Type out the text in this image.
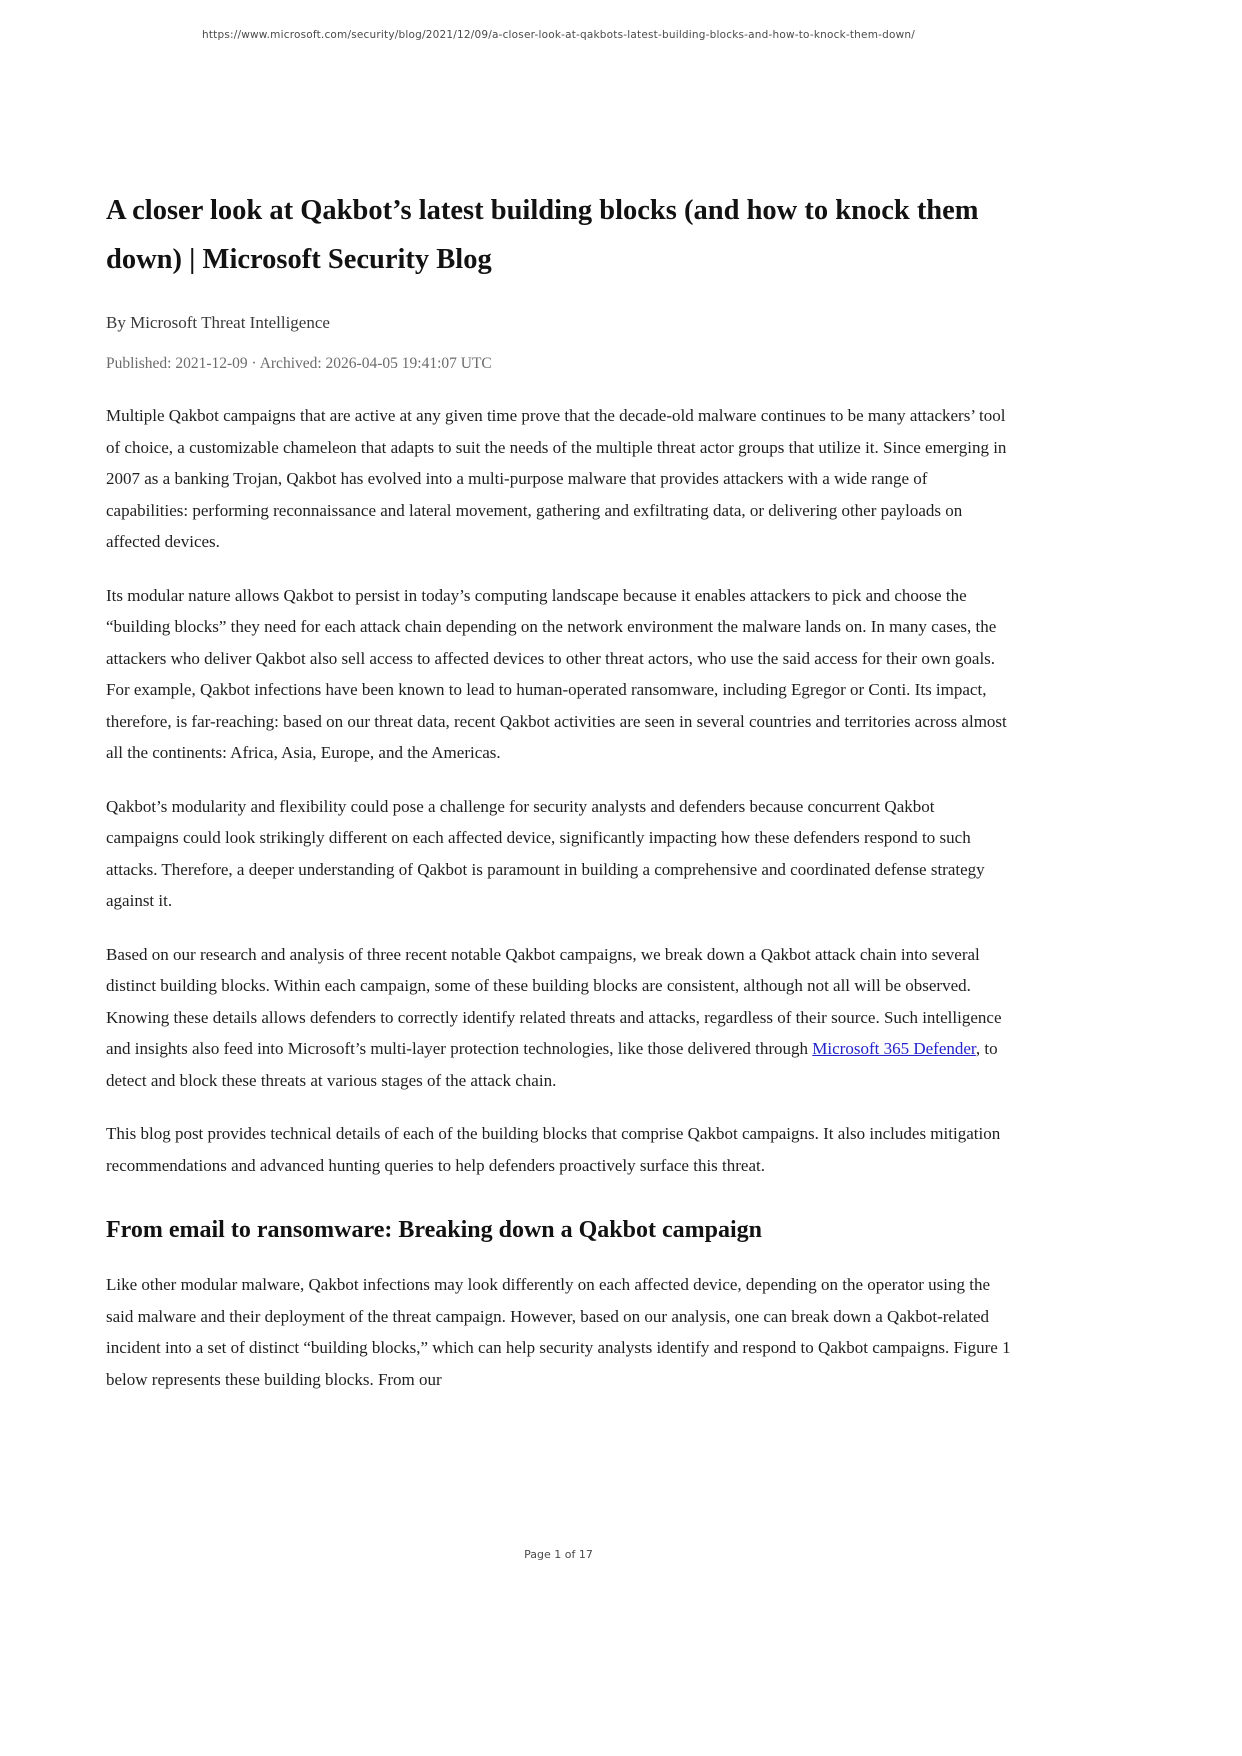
https://www.microsoft.com/security/blog/2021/12/09/a-closer-look-at-qakbots-latest-building-blocks-and-how-to-knock-them-down/
A closer look at Qakbot’s latest building blocks (and how to knock them down) | Microsoft Security Blog

By Microsoft Threat Intelligence

Published: 2021-12-09 · Archived: 2026-04-05 19:41:07 UTC

Multiple Qakbot campaigns that are active at any given time prove that the decade-old malware continues to be many attackers’ tool of choice, a customizable chameleon that adapts to suit the needs of the multiple threat actor groups that utilize it. Since emerging in 2007 as a banking Trojan, Qakbot has evolved into a multi-purpose malware that provides attackers with a wide range of capabilities: performing reconnaissance and lateral movement, gathering and exfiltrating data, or delivering other payloads on affected devices.

Its modular nature allows Qakbot to persist in today’s computing landscape because it enables attackers to pick and choose the “building blocks” they need for each attack chain depending on the network environment the malware lands on. In many cases, the attackers who deliver Qakbot also sell access to affected devices to other threat actors, who use the said access for their own goals. For example, Qakbot infections have been known to lead to human-operated ransomware, including Egregor or Conti. Its impact, therefore, is far-reaching: based on our threat data, recent Qakbot activities are seen in several countries and territories across almost all the continents: Africa, Asia, Europe, and the Americas.

Qakbot’s modularity and flexibility could pose a challenge for security analysts and defenders because concurrent Qakbot campaigns could look strikingly different on each affected device, significantly impacting how these defenders respond to such attacks. Therefore, a deeper understanding of Qakbot is paramount in building a comprehensive and coordinated defense strategy against it.

Based on our research and analysis of three recent notable Qakbot campaigns, we break down a Qakbot attack chain into several distinct building blocks. Within each campaign, some of these building blocks are consistent, although not all will be observed. Knowing these details allows defenders to correctly identify related threats and attacks, regardless of their source. Such intelligence and insights also feed into Microsoft’s multi-layer protection technologies, like those delivered through Microsoft 365 Defender, to detect and block these threats at various stages of the attack chain.

This blog post provides technical details of each of the building blocks that comprise Qakbot campaigns. It also includes mitigation recommendations and advanced hunting queries to help defenders proactively surface this threat.

From email to ransomware: Breaking down a Qakbot campaign

Like other modular malware, Qakbot infections may look differently on each affected device, depending on the operator using the said malware and their deployment of the threat campaign. However, based on our analysis, one can break down a Qakbot-related incident into a set of distinct “building blocks,” which can help security analysts identify and respond to Qakbot campaigns. Figure 1 below represents these building blocks. From our

Page 1 of 17
